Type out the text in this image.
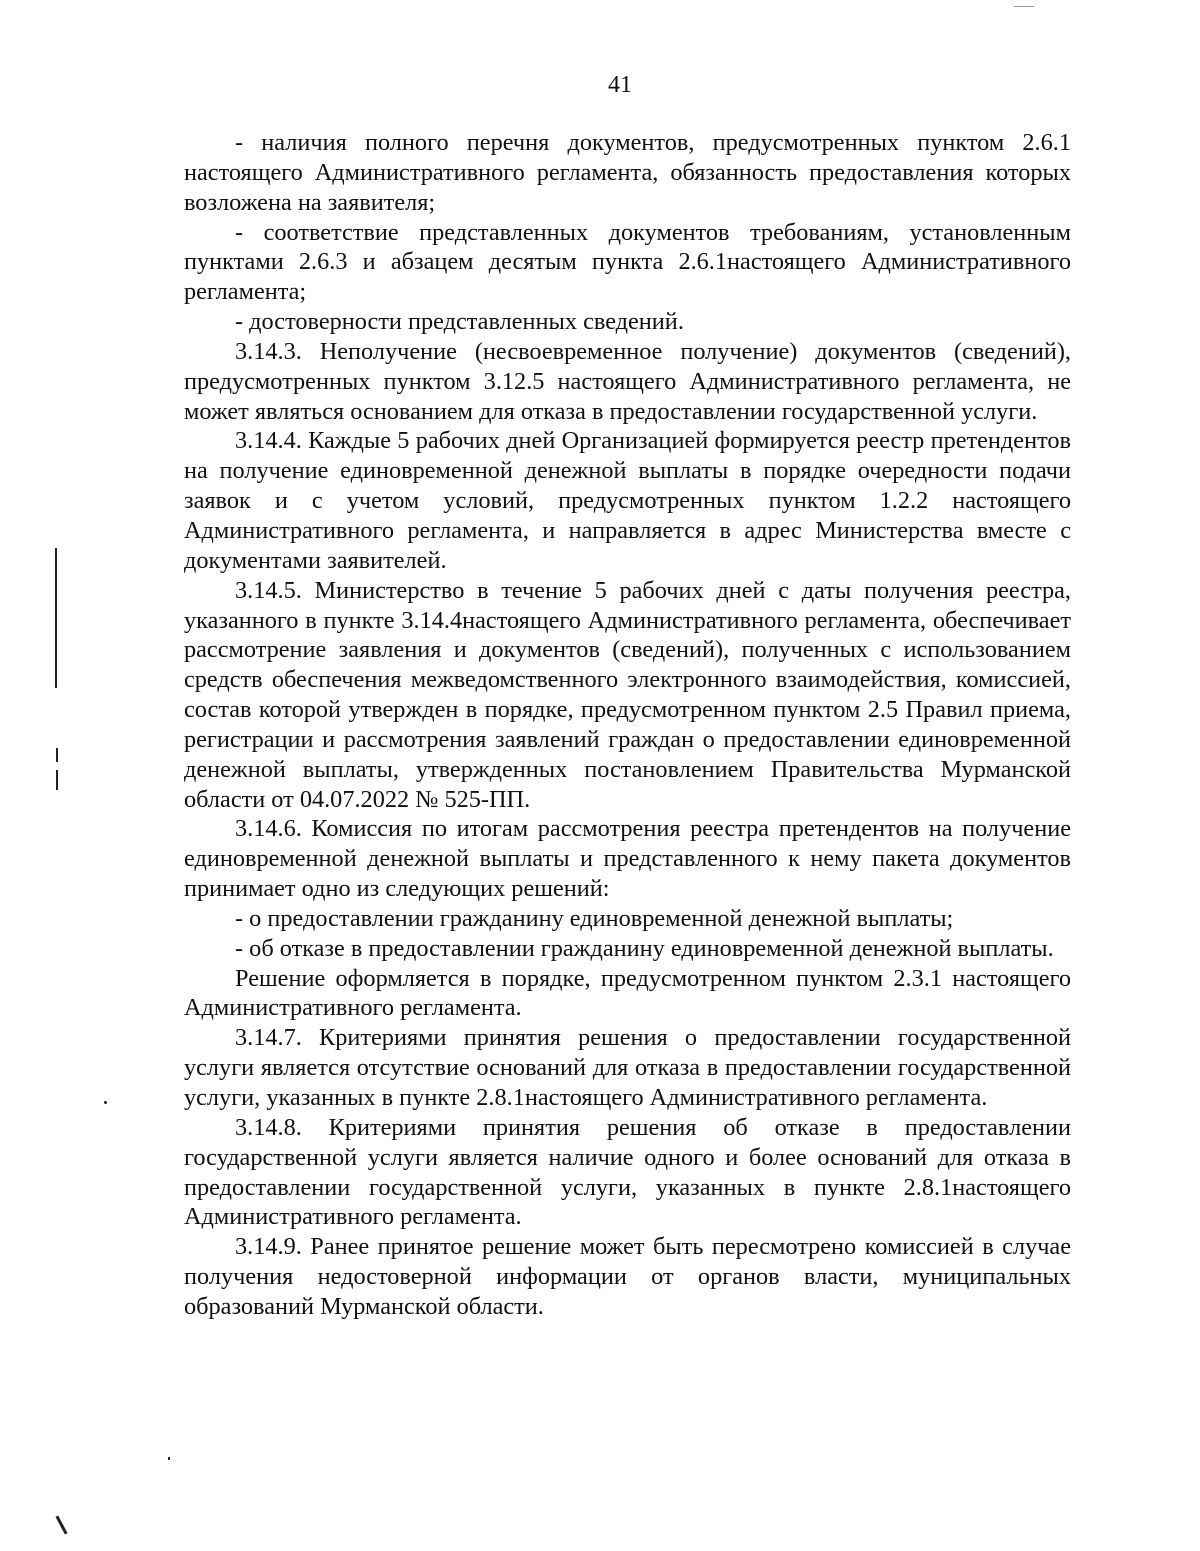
41

- наличия полного перечня документов, предусмотренных пунктом 2.6.1 настоящего Административного регламента, обязанность предоставления которых возложена на заявителя;

- соответствие представленных документов требованиям, установленным пунктами 2.6.3 и абзацем десятым пункта 2.6.1настоящего Административного регламента;

- достоверности представленных сведений.

3.14.3. Неполучение (несвоевременное получение) документов (сведений), предусмотренных пунктом 3.12.5 настоящего Административного регламента, не может являться основанием для отказа в предоставлении государственной услуги.

3.14.4. Каждые 5 рабочих дней Организацией формируется реестр претендентов на получение единовременной денежной выплаты в порядке очередности подачи заявок и с учетом условий, предусмотренных пунктом 1.2.2 настоящего Административного регламента, и направляется в адрес Министерства вместе с документами заявителей.

3.14.5. Министерство в течение 5 рабочих дней с даты получения реестра, указанного в пункте 3.14.4настоящего Административного регламента, обеспечивает рассмотрение заявления и документов (сведений), полученных с использованием средств обеспечения межведомственного электронного взаимодействия, комиссией, состав которой утвержден в порядке, предусмотренном пунктом 2.5 Правил приема, регистрации и рассмотрения заявлений граждан о предоставлении единовременной денежной выплаты, утвержденных постановлением Правительства Мурманской области от 04.07.2022 № 525-ПП.

3.14.6. Комиссия по итогам рассмотрения реестра претендентов на получение единовременной денежной выплаты и представленного к нему пакета документов принимает одно из следующих решений:

- о предоставлении гражданину единовременной денежной выплаты;

- об отказе в предоставлении гражданину единовременной денежной выплаты.

Решение оформляется в порядке, предусмотренном пунктом 2.3.1 настоящего Административного регламента.

3.14.7. Критериями принятия решения о предоставлении государственной услуги является отсутствие оснований для отказа в предоставлении государственной услуги, указанных в пункте 2.8.1настоящего Административного регламента.

3.14.8. Критериями принятия решения об отказе в предоставлении государственной услуги является наличие одного и более оснований для отказа в предоставлении государственной услуги, указанных в пункте 2.8.1настоящего Административного регламента.

3.14.9. Ранее принятое решение может быть пересмотрено комиссией в случае получения недостоверной информации от органов власти, муниципальных образований Мурманской области.
